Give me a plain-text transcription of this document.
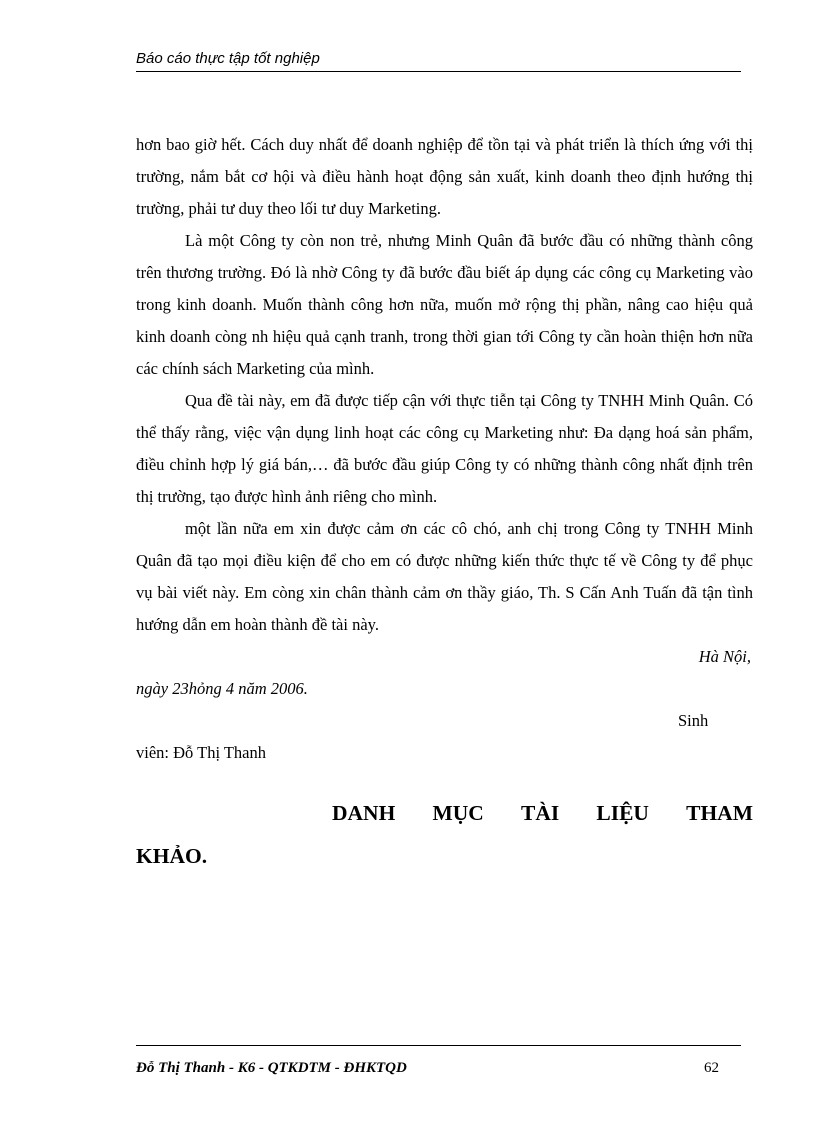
Báo cáo thực tập tốt nghiệp

hơn bao giờ hết. Cách duy nhất để doanh nghiệp để tồn tại và phát triển là thích ứng với thị trường, nắm bắt cơ hội và điều hành hoạt động sản xuất, kinh doanh theo định hướng thị trường, phải tư duy theo lối tư duy Marketing.

Là một Công ty còn non trẻ, nhưng Minh Quân đã bước đầu có những thành công trên thương trường. Đó là nhờ Công ty đã bước đầu biết áp dụng các công cụ Marketing vào trong kinh doanh. Muốn thành công hơn nữa, muốn mở rộng thị phần, nâng cao hiệu quả kinh doanh còng nh hiệu quả cạnh tranh, trong thời gian tới Công ty cần hoàn thiện hơn nữa các chính sách Marketing của mình.

Qua đề tài này, em đã được tiếp cận với thực tiễn tại Công ty TNHH Minh Quân. Có thể thấy rằng, việc vận dụng linh hoạt các công cụ Marketing như: Đa dạng hoá sản phẩm, điều chỉnh hợp lý giá bán,… đã bước đầu giúp Công ty có những thành công nhất định trên thị trường, tạo được hình ảnh riêng cho mình.

một lần nữa em xin được cảm ơn các cô chó, anh chị trong Công ty TNHH Minh Quân đã tạo mọi điều kiện để cho em có được những kiến thức thực tế về Công ty để phục vụ bài viết này. Em còng xin chân thành cảm ơn thầy giáo, Th. S Cấn Anh Tuấn đã tận tình hướng dẫn em hoàn thành đề tài này.

Hà Nội,

ngày 23hỏng 4 năm 2006.

Sinh

viên: Đỗ Thị Thanh

DANH MỤC TÀI LIỆU THAM
KHẢO.
Đỗ Thị Thanh - K6 - QTKDTM - ĐHKTQD	62
